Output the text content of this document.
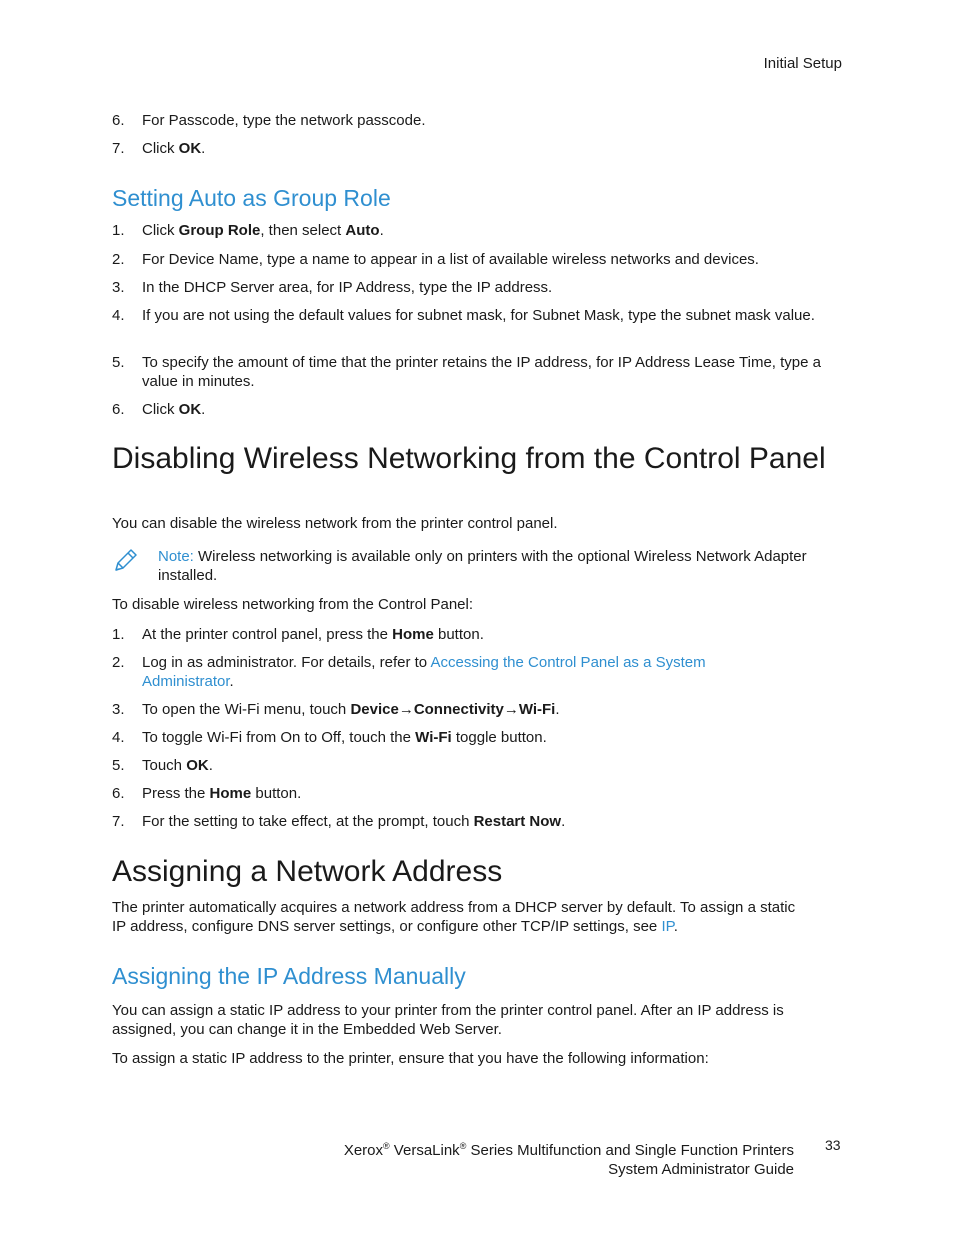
Initial Setup
6.	For Passcode, type the network passcode.
7.	Click OK.
Setting Auto as Group Role
1.	Click Group Role, then select Auto.
2.	For Device Name, type a name to appear in a list of available wireless networks and devices.
3.	In the DHCP Server area, for IP Address, type the IP address.
4.	If you are not using the default values for subnet mask, for Subnet Mask, type the subnet mask value.
5.	To specify the amount of time that the printer retains the IP address, for IP Address Lease Time, type a value in minutes.
6.	Click OK.
Disabling Wireless Networking from the Control Panel
You can disable the wireless network from the printer control panel.
Note: Wireless networking is available only on printers with the optional Wireless Network Adapter installed.
To disable wireless networking from the Control Panel:
1.	At the printer control panel, press the Home button.
2.	Log in as administrator. For details, refer to Accessing the Control Panel as a System Administrator.
3.	To open the Wi-Fi menu, touch Device→Connectivity→Wi-Fi.
4.	To toggle Wi-Fi from On to Off, touch the Wi-Fi toggle button.
5.	Touch OK.
6.	Press the Home button.
7.	For the setting to take effect, at the prompt, touch Restart Now.
Assigning a Network Address
The printer automatically acquires a network address from a DHCP server by default. To assign a static IP address, configure DNS server settings, or configure other TCP/IP settings, see IP.
Assigning the IP Address Manually
You can assign a static IP address to your printer from the printer control panel. After an IP address is assigned, you can change it in the Embedded Web Server.
To assign a static IP address to the printer, ensure that you have the following information:
Xerox® VersaLink® Series Multifunction and Single Function Printers
System Administrator Guide
33
